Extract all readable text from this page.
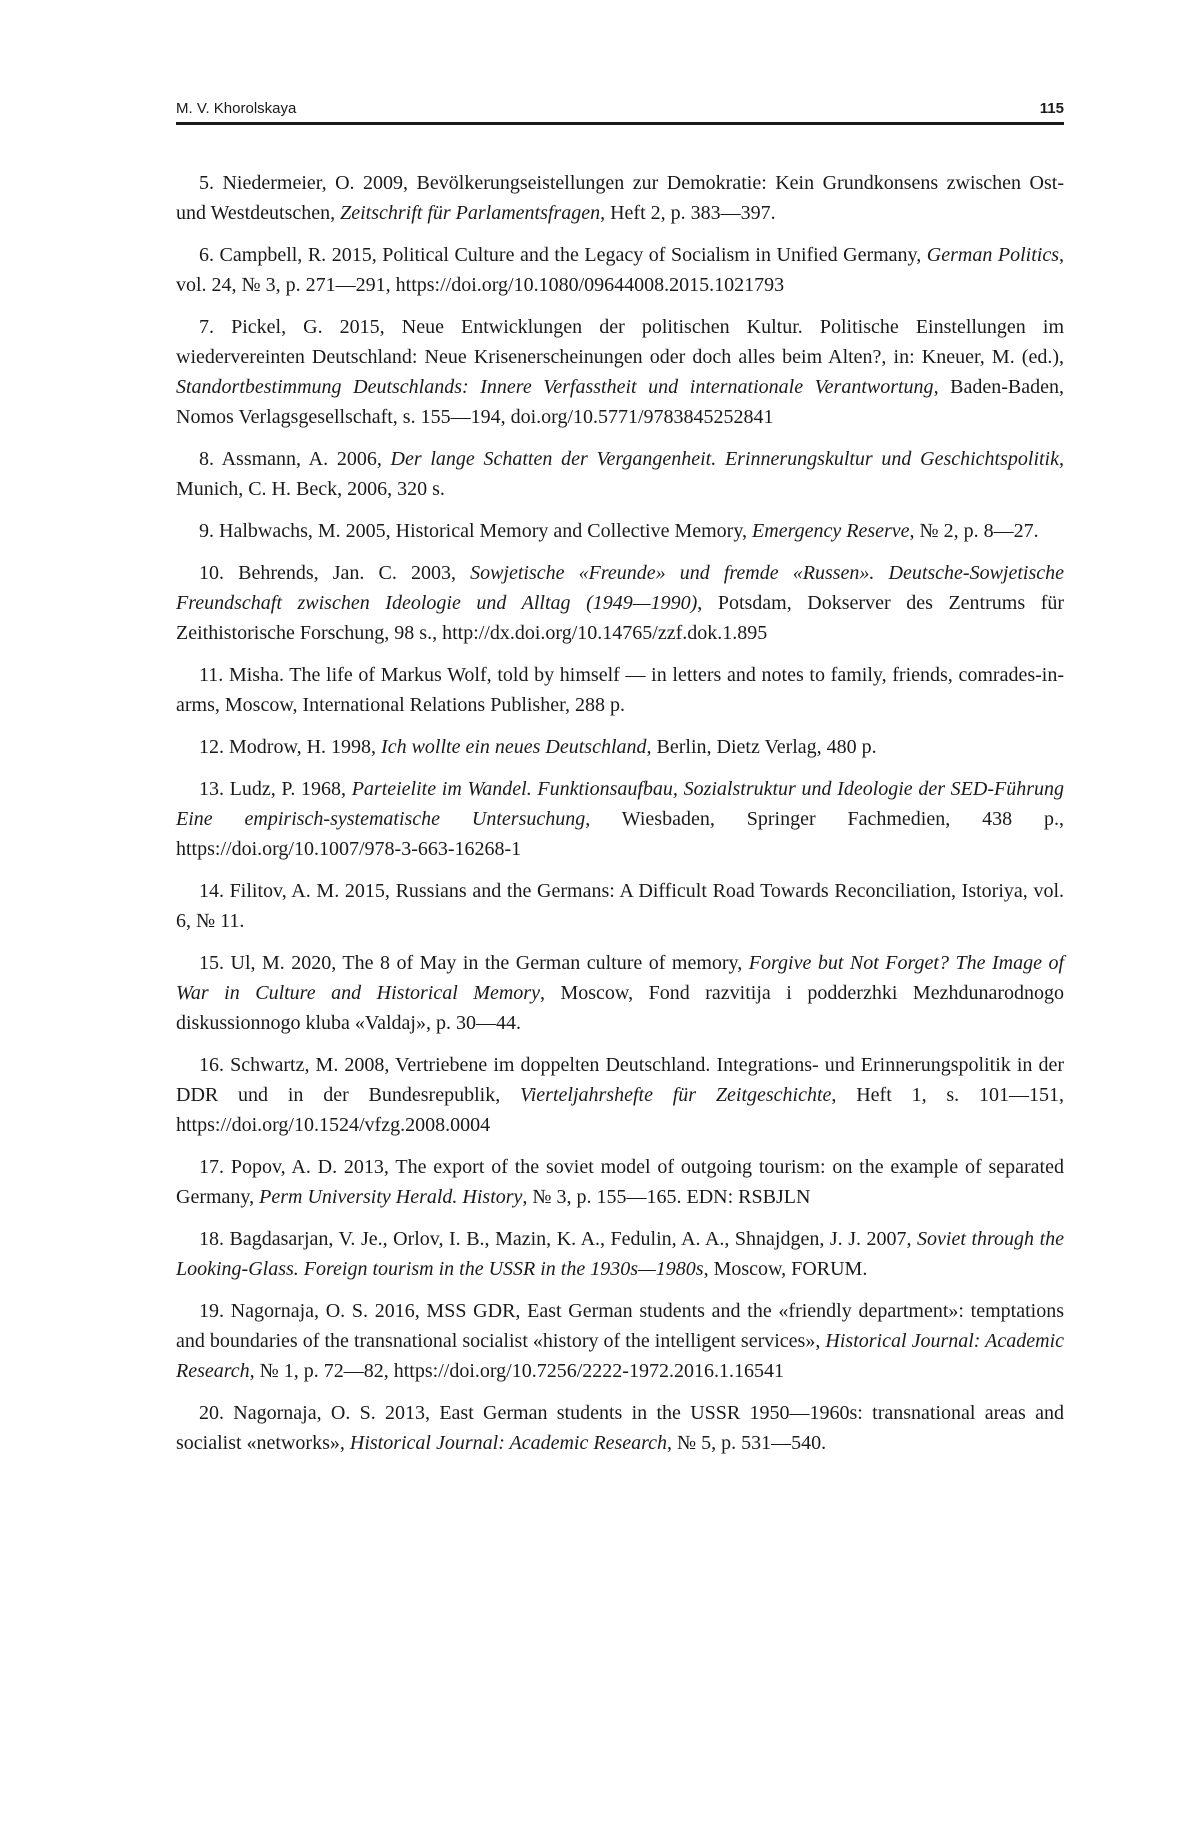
M. V. Khorolskaya	115

5. Niedermeier, O. 2009, Bevölkerungseistellungen zur Demokratie: Kein Grundkonsens zwischen Ost- und Westdeutschen, Zeitschrift für Parlamentsfragen, Heft 2, p. 383—397.

6. Campbell, R. 2015, Political Culture and the Legacy of Socialism in Unified Germany, German Politics, vol. 24, № 3, p. 271—291, https://doi.org/10.1080/09644008.2015.1021793

7. Pickel, G. 2015, Neue Entwicklungen der politischen Kultur. Politische Einstellungen im wiedervereinten Deutschland: Neue Krisenerscheinungen oder doch alles beim Alten?, in: Kneuer, M. (ed.), Standortbestimmung Deutschlands: Innere Verfasstheit und internationale Verantwortung, Baden-Baden, Nomos Verlagsgesellschaft, s. 155—194, doi.org/10.5771/9783845252841

8. Assmann, A. 2006, Der lange Schatten der Vergangenheit. Erinnerungskultur und Geschichtspolitik, Munich, C. H. Beck, 2006, 320 s.

9. Halbwachs, M. 2005, Historical Memory and Collective Memory, Emergency Reserve, № 2, p. 8—27.

10. Behrends, Jan. C. 2003, Sowjetische «Freunde» und fremde «Russen». Deutsche-Sowjetische Freundschaft zwischen Ideologie und Alltag (1949—1990), Potsdam, Dokserver des Zentrums für Zeithistorische Forschung, 98 s., http://dx.doi.org/10.14765/zzf.dok.1.895

11. Misha. The life of Markus Wolf, told by himself — in letters and notes to family, friends, comrades-in-arms, Moscow, International Relations Publisher, 288 p.

12. Modrow, H. 1998, Ich wollte ein neues Deutschland, Berlin, Dietz Verlag, 480 p.

13. Ludz, P. 1968, Parteielite im Wandel. Funktionsaufbau, Sozialstruktur und Ideologie der SED-Führung Eine empirisch-systematische Untersuchung, Wiesbaden, Springer Fachmedien, 438 p., https://doi.org/10.1007/978-3-663-16268-1

14. Filitov, A. M. 2015, Russians and the Germans: A Difficult Road Towards Reconciliation, Istoriya, vol. 6, № 11.

15. Ul, M. 2020, The 8 of May in the German culture of memory, Forgive but Not Forget? The Image of War in Culture and Historical Memory, Moscow, Fond razvitija i podderzhki Mezhdunarodnogo diskussionnogo kluba «Valdaj», p. 30—44.

16. Schwartz, M. 2008, Vertriebene im doppelten Deutschland. Integrations- und Erinnerungspolitik in der DDR und in der Bundesrepublik, Vierteljahrshefte für Zeitgeschichte, Heft 1, s. 101—151, https://doi.org/10.1524/vfzg.2008.0004

17. Popov, A. D. 2013, The export of the soviet model of outgoing tourism: on the example of separated Germany, Perm University Herald. History, № 3, p. 155—165. EDN: RSBJLN

18. Bagdasarjan, V. Je., Orlov, I. B., Mazin, K. A., Fedulin, A. A., Shnajdgen, J. J. 2007, Soviet through the Looking-Glass. Foreign tourism in the USSR in the 1930s—1980s, Moscow, FORUM.

19. Nagornaja, O. S. 2016, MSS GDR, East German students and the «friendly department»: temptations and boundaries of the transnational socialist «history of the intelligent services», Historical Journal: Academic Research, № 1, p. 72—82, https://doi.org/10.7256/2222-1972.2016.1.16541

20. Nagornaja, O. S. 2013, East German students in the USSR 1950—1960s: transnational areas and socialist «networks», Historical Journal: Academic Research, № 5, p. 531—540.
